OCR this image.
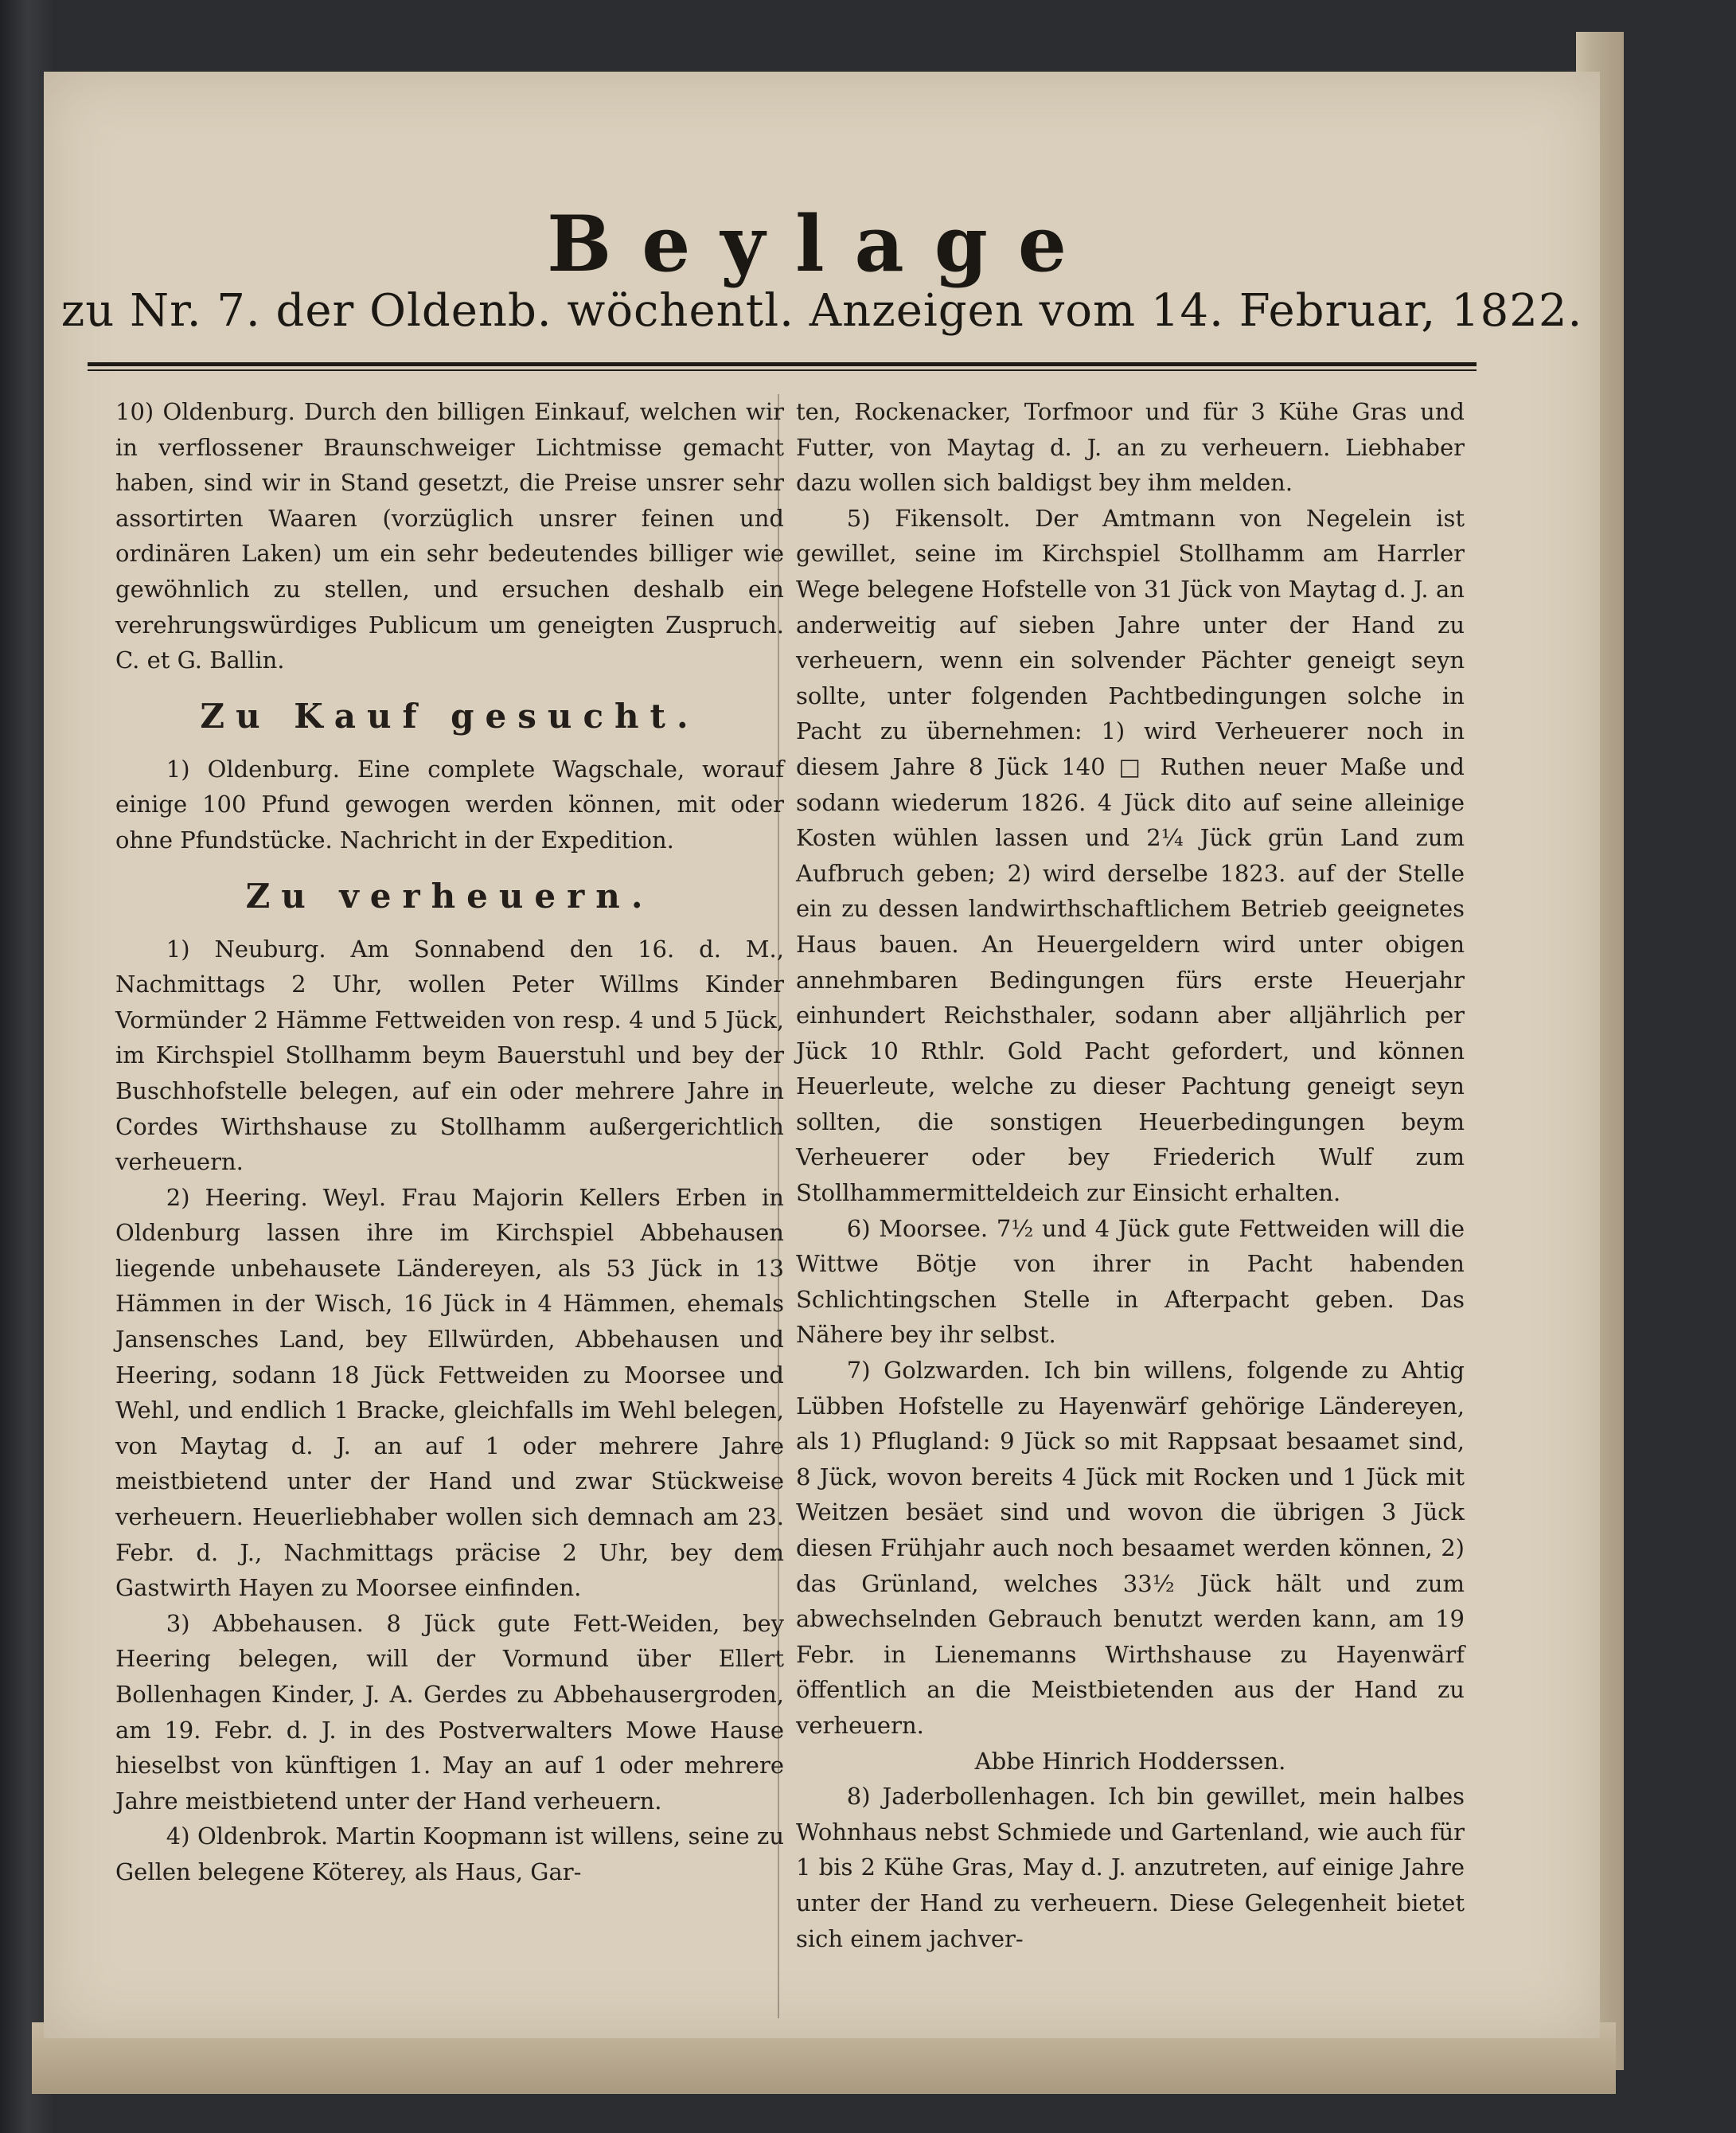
Beylage
zu Nr. 7. der Oldenb. wöchentl. Anzeigen vom 14. Februar, 1822.

10) Oldenburg. Durch den billigen Einkauf, welchen wir in verflossener Braunschweiger Lichtmisse gemacht haben, sind wir in Stand gesetzt, die Preise unsrer sehr assortirten Waaren (vorzüglich unsrer feinen und ordinären Laken) um ein sehr bedeutendes billiger wie gewöhnlich zu stellen, und ersuchen deshalb ein verehrungswürdiges Publicum um geneigten Zuspruch. C. et G. Ballin.

Zu Kauf gesucht.

1) Oldenburg. Eine complete Wagschale, worauf einige 100 Pfund gewogen werden können, mit oder ohne Pfundstücke. Nachricht in der Expedition.

Zu verheuern.

1) Neuburg. Am Sonnabend den 16. d. M., Nachmittags 2 Uhr, wollen Peter Willms Kinder Vormünder 2 Hämme Fettweiden von resp. 4 und 5 Jück, im Kirchspiel Stollhamm beym Bauerstuhl und bey der Buschhofstelle belegen, auf ein oder mehrere Jahre in Cordes Wirthshause zu Stollhamm außergerichtlich verheuern.

2) Heering. Weyl. Frau Majorin Kellers Erben in Oldenburg lassen ihre im Kirchspiel Abbehausen liegende unbehausete Ländereyen, als 53 Jück in 13 Hämmen in der Wisch, 16 Jück in 4 Hämmen, ehemals Jansensches Land, bey Ellwürden, Abbehausen und Heering, sodann 18 Jück Fettweiden zu Moorsee und Wehl, und endlich 1 Bracke, gleichfalls im Wehl belegen, von Maytag d. J. an auf 1 oder mehrere Jahre meistbietend unter der Hand und zwar Stückweise verheuern. Heuerliebhaber wollen sich demnach am 23. Febr. d. J., Nachmittags präcise 2 Uhr, bey dem Gastwirth Hayen zu Moorsee einfinden.

3) Abbehausen. 8 Jück gute Fett-Weiden, bey Heering belegen, will der Vormund über Ellert Bollenhagen Kinder, J. A. Gerdes zu Abbehausergroden, am 19. Febr. d. J. in des Postverwalters Mowe Hause hieselbst von künftigen 1. May an auf 1 oder mehrere Jahre meistbietend unter der Hand verheuern.

4) Oldenbrok. Martin Koopmann ist willens, seine zu Gellen belegene Köterey, als Haus, Gar-

ten, Rockenacker, Torfmoor und für 3 Kühe Gras und Futter, von Maytag d. J. an zu verheuern. Liebhaber dazu wollen sich baldigst bey ihm melden.

5) Fikensolt. Der Amtmann von Negelein ist gewillet, seine im Kirchspiel Stollhamm am Harrler Wege belegene Hofstelle von 31 Jück von Maytag d. J. an anderweitig auf sieben Jahre unter der Hand zu verheuern, wenn ein solvender Pächter geneigt seyn sollte, unter folgenden Pachtbedingungen solche in Pacht zu übernehmen: 1) wird Verheuerer noch in diesem Jahre 8 Jück 140 □ Ruthen neuer Maße und sodann wiederum 1826. 4 Jück dito auf seine alleinige Kosten wühlen lassen und 2¼ Jück grün Land zum Aufbruch geben; 2) wird derselbe 1823. auf der Stelle ein zu dessen landwirthschaftlichem Betrieb geeignetes Haus bauen. An Heuergeldern wird unter obigen annehmbaren Bedingungen fürs erste Heuerjahr einhundert Reichsthaler, sodann aber alljährlich per Jück 10 Rthlr. Gold Pacht gefordert, und können Heuerleute, welche zu dieser Pachtung geneigt seyn sollten, die sonstigen Heuerbedingungen beym Verheuerer oder bey Friederich Wulf zum Stollhammermitteldeich zur Einsicht erhalten.

6) Moorsee. 7½ und 4 Jück gute Fettweiden will die Wittwe Bötje von ihrer in Pacht habenden Schlichtingschen Stelle in Afterpacht geben. Das Nähere bey ihr selbst.

7) Golzwarden. Ich bin willens, folgende zu Ahtig Lübben Hofstelle zu Hayenwärf gehörige Ländereyen, als 1) Pflugland: 9 Jück so mit Rappsaat besaamet sind, 8 Jück, wovon bereits 4 Jück mit Rocken und 1 Jück mit Weitzen besäet sind und wovon die übrigen 3 Jück diesen Frühjahr auch noch besaamet werden können, 2) das Grünland, welches 33½ Jück hält und zum abwechselnden Gebrauch benutzt werden kann, am 19 Febr. in Lienemanns Wirthshause zu Hayenwärf öffentlich an die Meistbietenden aus der Hand zu verheuern.

Abbe Hinrich Hodderssen.

8) Jaderbollenhagen. Ich bin gewillet, mein halbes Wohnhaus nebst Schmiede und Gartenland, wie auch für 1 bis 2 Kühe Gras, May d. J. anzutreten, auf einige Jahre unter der Hand zu verheuern. Diese Gelegenheit bietet sich einem jachver-
